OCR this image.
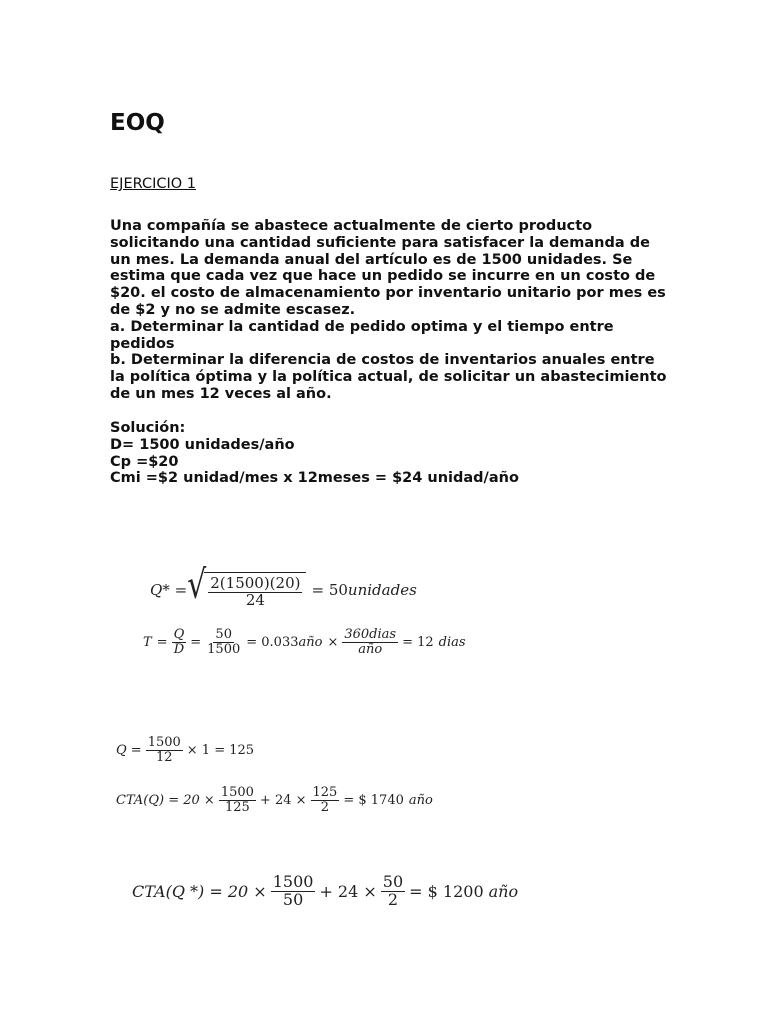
EOQ

EJERCICIO 1

Una compañía se abastece actualmente de cierto producto
solicitando una cantidad suficiente para satisfacer la demanda de
un mes. La demanda anual del artículo es de 1500 unidades. Se
estima que cada vez que hace un pedido se incurre en un costo de
$20. el costo de almacenamiento por inventario unitario por mes es
de $2 y no se admite escasez.
a. Determinar la cantidad de pedido optima y el tiempo entre
pedidos
b. Determinar la diferencia de costos de inventarios anuales entre
la política óptima y la política actual, de solicitar un abastecimiento
de un mes 12 veces al año.
Solución:
D= 1500 unidades/año
Cp =$20
Cmi =$2 unidad/mes x 12meses = $24 unidad/año
Q* = √ $\frac{2(1500)(20)}{24} = 50$ unidades
$T = \frac{Q}{D} = \frac{50}{1500} = 0.033$ año × $\frac{\text{360dias}}{\text{año}} = 12$ dias
$Q = \frac{1500}{12} \times 1 = 125$
$CTA(Q) = 20 \times \frac{1500}{125} + 24 \times \frac{125}{2}$ = $ 1740 año
CTA(Q *) = $20 \times \frac{1500}{50} + 24 \times \frac{50}{2}$ = $ 1200 año
